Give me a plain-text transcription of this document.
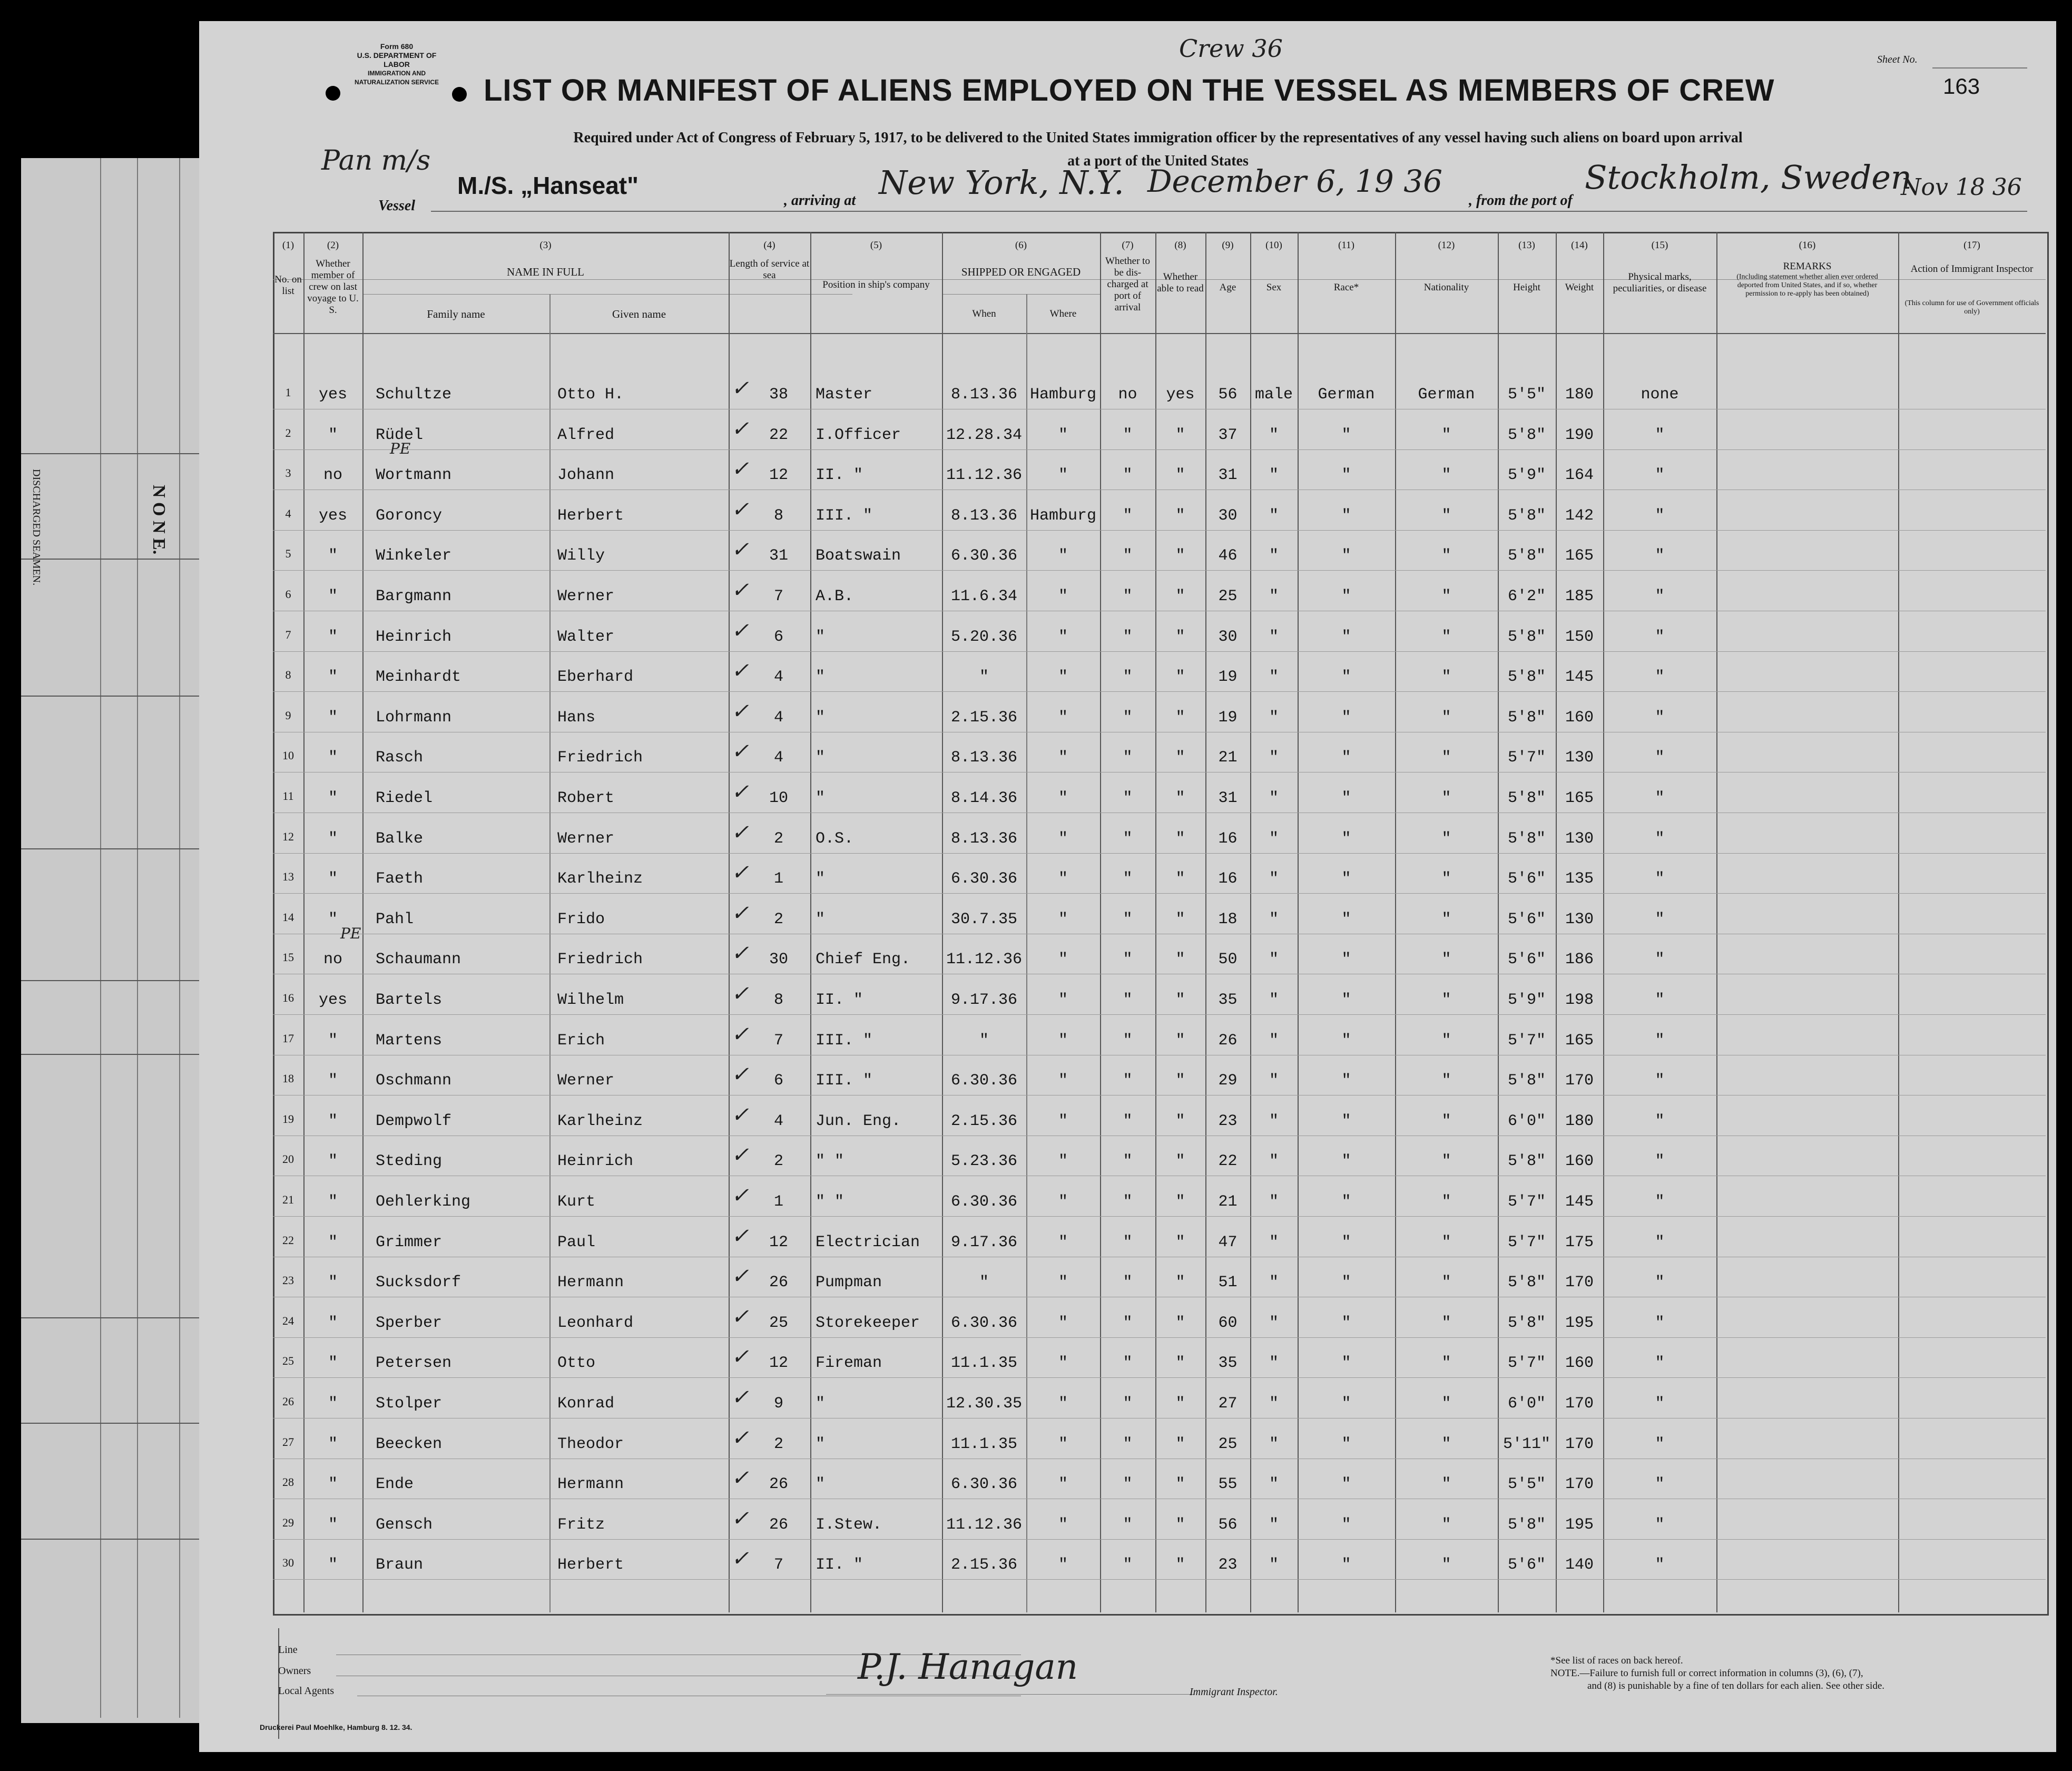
N O N E.
DISCHARGED SEAMEN.
Form 680
U.S. DEPARTMENT OF LABOR
IMMIGRATION AND NATURALIZATION SERVICE	LIST OR MANIFEST OF ALIENS EMPLOYED ON THE VESSEL AS MEMBERS OF CREW
Crew 36	Sheet No.
163
Required under Act of Congress of February 5, 1917, to be delivered to the United States immigration officer by the representatives of any vessel having such aliens on board upon arrival
at a port of the United States
Pan m/s
Vessel
M./S. „Hanseat"
, arriving at New York, N.Y. December 6, 19 36
, from the port of
Stockholm, Sweden
Nov 18 36
(1)	(2)	(3)	(4)	(5)	(6)	(7)	(8)	(9)	(10)	(11)	(12)	(13)	(14)	(15)	(16)	(17)
No. on list
Whether member of crew on last voyage to U. S.
NAME IN FULL
Family name	Given name
Length of service at sea
Position in ship's company
SHIPPED OR ENGAGED
When	Where
Whether to be dis-charged at port of arrival
Whether able to read	Age	Sex	Race*	Nationality	Height	Weight
Physical marks, peculiarities, or disease
REMARKS
(Including statement whether alien ever ordered deported from United States, and if so, whether permission to re-apply has been obtained)
Action of Immigrant Inspector
(This column for use of Government officials only)
1	yes	Schultze	Otto H.	38	Master	8.13.36 Hamburg	no	yes	56	male	German	German	5'5"	180	none
✓
2	"	Rüdel	Alfred	22	I.Officer	12.28.34	"	"	"	37	"	"	"	5'8"	190	"
✓
3	no	Wortmann	Johann	12	II. "	11.12.36	"	"	"	31	"	"	"	5'9"	164	"
✓
4	yes	Goroncy	Herbert	8	III. "	8.13.36 Hamburg	"	"	30	"	"	"	5'8"	142	"
✓
5	"	Winkeler	Willy	31	Boatswain	6.30.36	"	"	"	46	"	"	"	5'8"	165	"
✓
6	"	Bargmann	Werner	7	A.B.	11.6.34	"	"	"	25	"	"	"	6'2"	185	"
✓
7	"	Heinrich	Walter	6	"	5.20.36	"	"	"	30	"	"	"	5'8"	150	"
✓
8	"	Meinhardt	Eberhard	4	"	"	"	"	"	19	"	"	"	5'8"	145	"
✓
9	"	Lohrmann	Hans	4	"	2.15.36	"	"	"	19	"	"	"	5'8"	160	"
✓
10	"	Rasch	Friedrich	4	"	8.13.36	"	"	"	21	"	"	"	5'7"	130	"
✓
11	"	Riedel	Robert	10	"	8.14.36	"	"	"	31	"	"	"	5'8"	165	"
✓
12	"	Balke	Werner	2	O.S.	8.13.36	"	"	"	16	"	"	"	5'8"	130	"
✓
13	"	Faeth	Karlheinz	1	"	6.30.36	"	"	"	16	"	"	"	5'6"	135	"
✓
14	"	Pahl	Frido	2	"	30.7.35	"	"	"	18	"	"	"	5'6"	130	"
✓
15	no	Schaumann	Friedrich	30	Chief Eng.	11.12.36	"	"	"	50	"	"	"	5'6"	186	"
✓
16	yes	Bartels	Wilhelm	8	II. "	9.17.36	"	"	"	35	"	"	"	5'9"	198	"
✓
17	"	Martens	Erich	7	III. "	"	"	"	"	26	"	"	"	5'7"	165	"
✓
18	"	Oschmann	Werner	6	III. "	6.30.36	"	"	"	29	"	"	"	5'8"	170	"
✓
19	"	Dempwolf	Karlheinz	4	Jun. Eng.	2.15.36	"	"	"	23	"	"	"	6'0"	180	"
✓
20	"	Steding	Heinrich	2	" "	5.23.36	"	"	"	22	"	"	"	5'8"	160	"
✓
21	"	Oehlerking	Kurt	1	" "	6.30.36	"	"	"	21	"	"	"	5'7"	145	"
✓
22	"	Grimmer	Paul	12	Electrician	9.17.36	"	"	"	47	"	"	"	5'7"	175	"
✓
23	"	Sucksdorf	Hermann	26	Pumpman	"	"	"	"	51	"	"	"	5'8"	170	"
✓
24	"	Sperber	Leonhard	25	Storekeeper	6.30.36	"	"	"	60	"	"	"	5'8"	195	"
✓
25	"	Petersen	Otto	12	Fireman	11.1.35	"	"	"	35	"	"	"	5'7"	160	"
✓
26	"	Stolper	Konrad	9	"	12.30.35	"	"	"	27	"	"	"	6'0"	170	"
✓
27	"	Beecken	Theodor	2	"	11.1.35	"	"	"	25	"	"	"	5'11" 170	"
✓
28	"	Ende	Hermann	26	"	6.30.36	"	"	"	55	"	"	"	5'5"	170	"
✓
29	"	Gensch	Fritz	26	I.Stew.	11.12.36	"	"	"	56	"	"	"	5'8"	195	"
✓
30	"	Braun	Herbert	7	II. "	2.15.36	"	"	"	23	"	"	"	5'6"	140	"
✓
PE
PE
Line
Owners
Local Agents
P.J. Hanagan
Immigrant Inspector.
*See list of races on back hereof.
NOTE.—Failure to furnish full or correct information in columns (3), (6), (7),
and (8) is punishable by a fine of ten dollars for each alien. See other side.
Druckerei Paul Moehlke, Hamburg 8. 12. 34.
